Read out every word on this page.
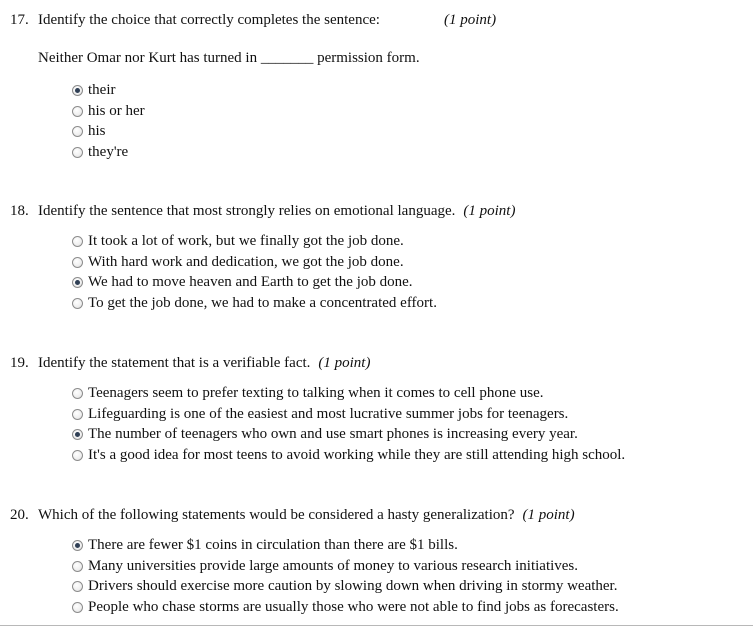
17. Identify the choice that correctly completes the sentence:	(1 point)
Neither Omar nor Kurt has turned in _______ permission form.
their
his or her
his
they're
18. Identify the sentence that most strongly relies on emotional language. (1 point)
It took a lot of work, but we finally got the job done.
With hard work and dedication, we got the job done.
We had to move heaven and Earth to get the job done.
To get the job done, we had to make a concentrated effort.
19. Identify the statement that is a verifiable fact. (1 point)
Teenagers seem to prefer texting to talking when it comes to cell phone use.
Lifeguarding is one of the easiest and most lucrative summer jobs for teenagers.
The number of teenagers who own and use smart phones is increasing every year.
It's a good idea for most teens to avoid working while they are still attending high school.
20. Which of the following statements would be considered a hasty generalization? (1 point)
There are fewer $1 coins in circulation than there are $1 bills.
Many universities provide large amounts of money to various research initiatives.
Drivers should exercise more caution by slowing down when driving in stormy weather.
People who chase storms are usually those who were not able to find jobs as forecasters.
